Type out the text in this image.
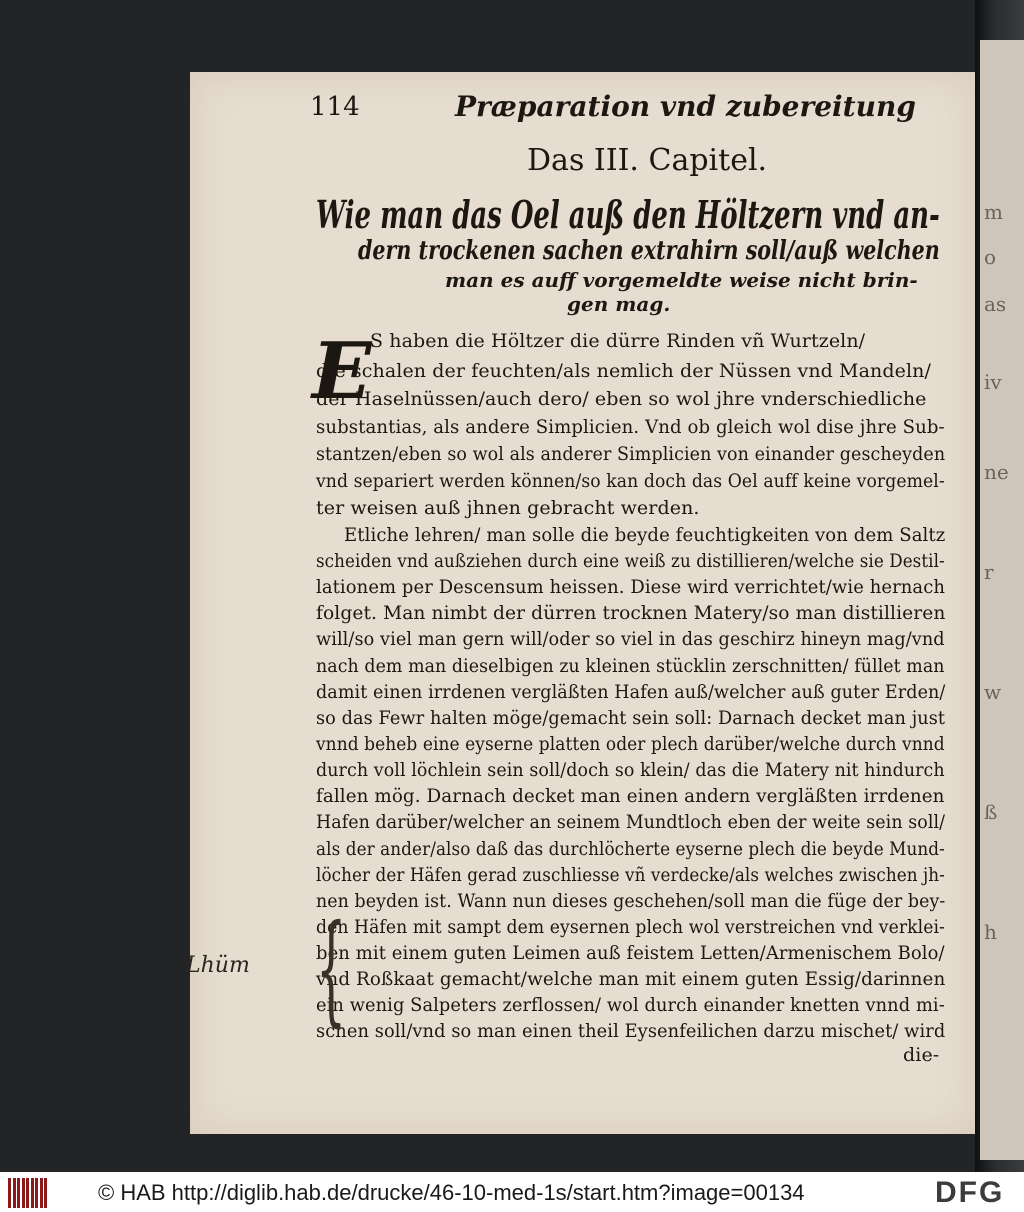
m
o
as
iv
ne
r
w
ß
h
114	Præparation vnd zubereitung
Das III. Capitel.
Wie man das Oel auß den Höltzern vnd an-
dern trockenen sachen extrahirn soll/auß welchen
man es auff vorgemeldte weise nicht brin-
gen mag.
E
S haben die Höltzer die dürre Rinden vñ Wurtzeln/
die schalen der feuchten/als nemlich der Nüssen vnd Mandeln/
der Haselnüssen/auch dero/ eben so wol jhre vnderschiedliche
substantias, als andere Simplicien. Vnd ob gleich wol dise jhre Sub-
stantzen/eben so wol als anderer Simplicien von einander gescheyden
vnd separiert werden können/so kan doch das Oel auff keine vorgemel-
ter weisen auß jhnen gebracht werden.
Etliche lehren/ man solle die beyde feuchtigkeiten von dem Saltz
scheiden vnd außziehen durch eine weiß zu distillieren/welche sie Destil-
lationem per Descensum heissen. Diese wird verrichtet/wie hernach
folget. Man nimbt der dürren trocknen Matery/so man distillieren
will/so viel man gern will/oder so viel in das geschirz hineyn mag/vnd
nach dem man dieselbigen zu kleinen stücklin zerschnitten/ füllet man
damit einen irrdenen vergläßten Hafen auß/welcher auß guter Erden/
so das Fewr halten möge/gemacht sein soll: Darnach decket man just
vnnd beheb eine eyserne platten oder plech darüber/welche durch vnnd
durch voll löchlein sein soll/doch so klein/ das die Matery nit hindurch
fallen mög. Darnach decket man einen andern vergläßten irrdenen
Hafen darüber/welcher an seinem Mundtloch eben der weite sein soll/
als der ander/also daß das durchlöcherte eyserne plech die beyde Mund-
löcher der Häfen gerad zuschliesse vñ verdecke/als welches zwischen jh-
nen beyden ist. Wann nun dieses geschehen/soll man die füge der bey-
den Häfen mit sampt dem eysernen plech wol verstreichen vnd verklei-
ben mit einem guten Leimen auß feistem Letten/Armenischem Bolo/
vnd Roßkaat gemacht/welche man mit einem guten Essig/darinnen
ein wenig Salpeters zerflossen/ wol durch einander knetten vnnd mi-
schen soll/vnd so man einen theil Eysenfeilichen darzu mischet/ wird
die-
{
Lhüm
© HAB http://diglib.hab.de/drucke/46-10-med-1s/start.htm?image=00134	DFG
